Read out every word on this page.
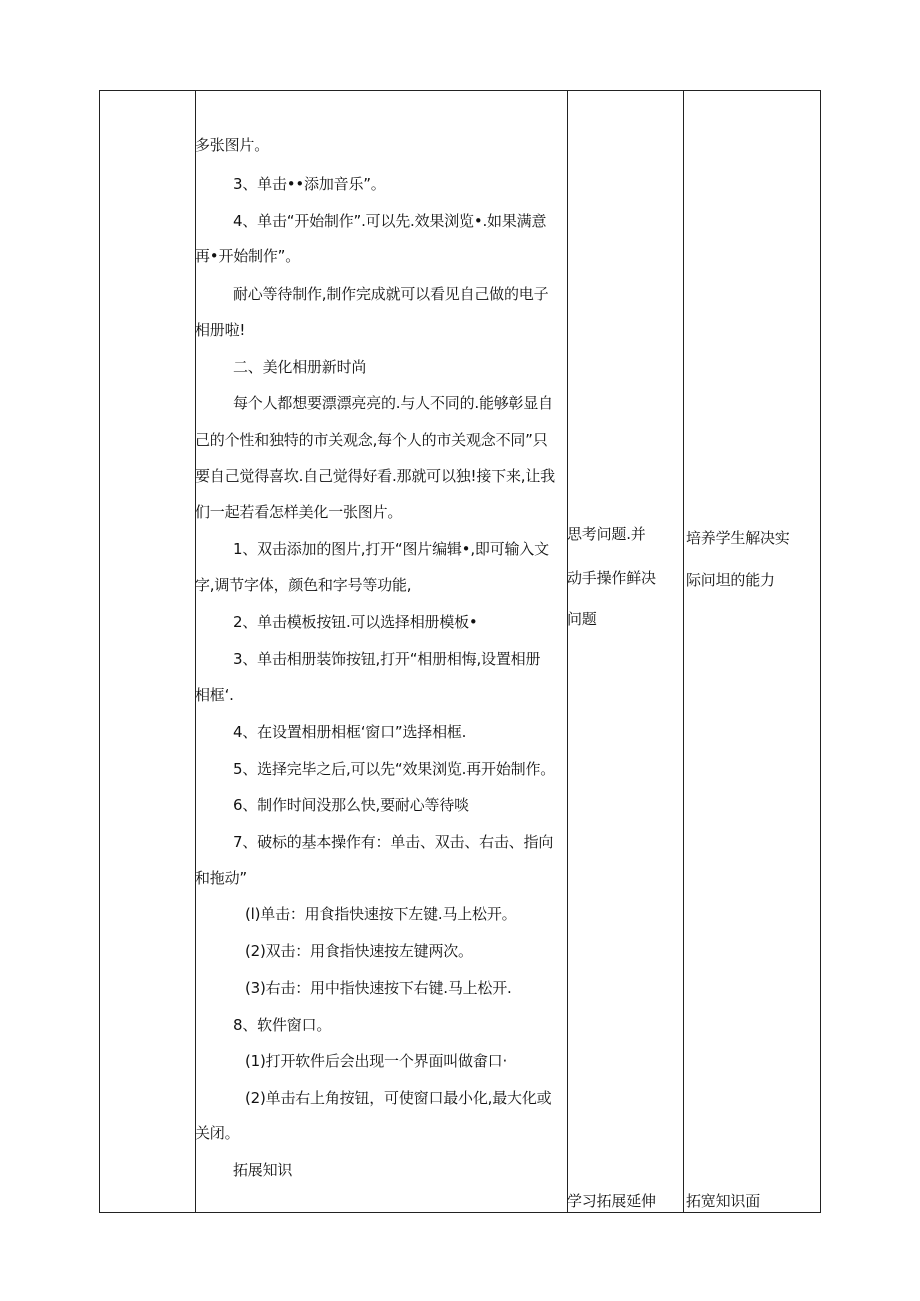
多张图片。
3、单击••添加音乐”。
4、单击“开始制作”.可以先.效果浏览•.如果满意
再•开始制作”。
耐心等待制作,制作完成就可以看见自己做的电子
相册啦!
二、美化相册新时尚
每个人都想要漂漂亮亮的.与人不同的.能够彰显自
己的个性和独特的市关观念,每个人的市关观念不同”只
要自己觉得喜坎.自己觉得好看.那就可以独!接下来,让我
们一起若看怎样美化一张图片。
1、双击添加的图片,打开“图片编辑•,即可输入文
字,调节字体，颜色和字号等功能,
2、单击模板按钮.可以选择相册模板•
3、单击相册装饰按钮,打开“相册相悔,设置相册
相框‘.
4、在设置相册相框‘窗口”选择相框.
5、选择完毕之后,可以先“效果浏览.再开始制作。
6、制作时间没那么快,要耐心等待啖
7、破标的基本操作有：单击、双击、右击、指向
和拖动”
(l)单击：用食指快速按下左键.马上松开。
(2)双击：用食指快速按左键两次。
(3)右击：用中指快速按下右键.马上松开.
8、软件窗口。
(1)打开软件后会出现一个界面叫做畲口·
(2)单击右上角按钮，可使窗口最小化,最大化或
关闭。
拓展知识
思考问题.并
动手操作鲜决
问题
学习拓展延伸
培养学生解决实
际问坦的能力
拓宽知识面
